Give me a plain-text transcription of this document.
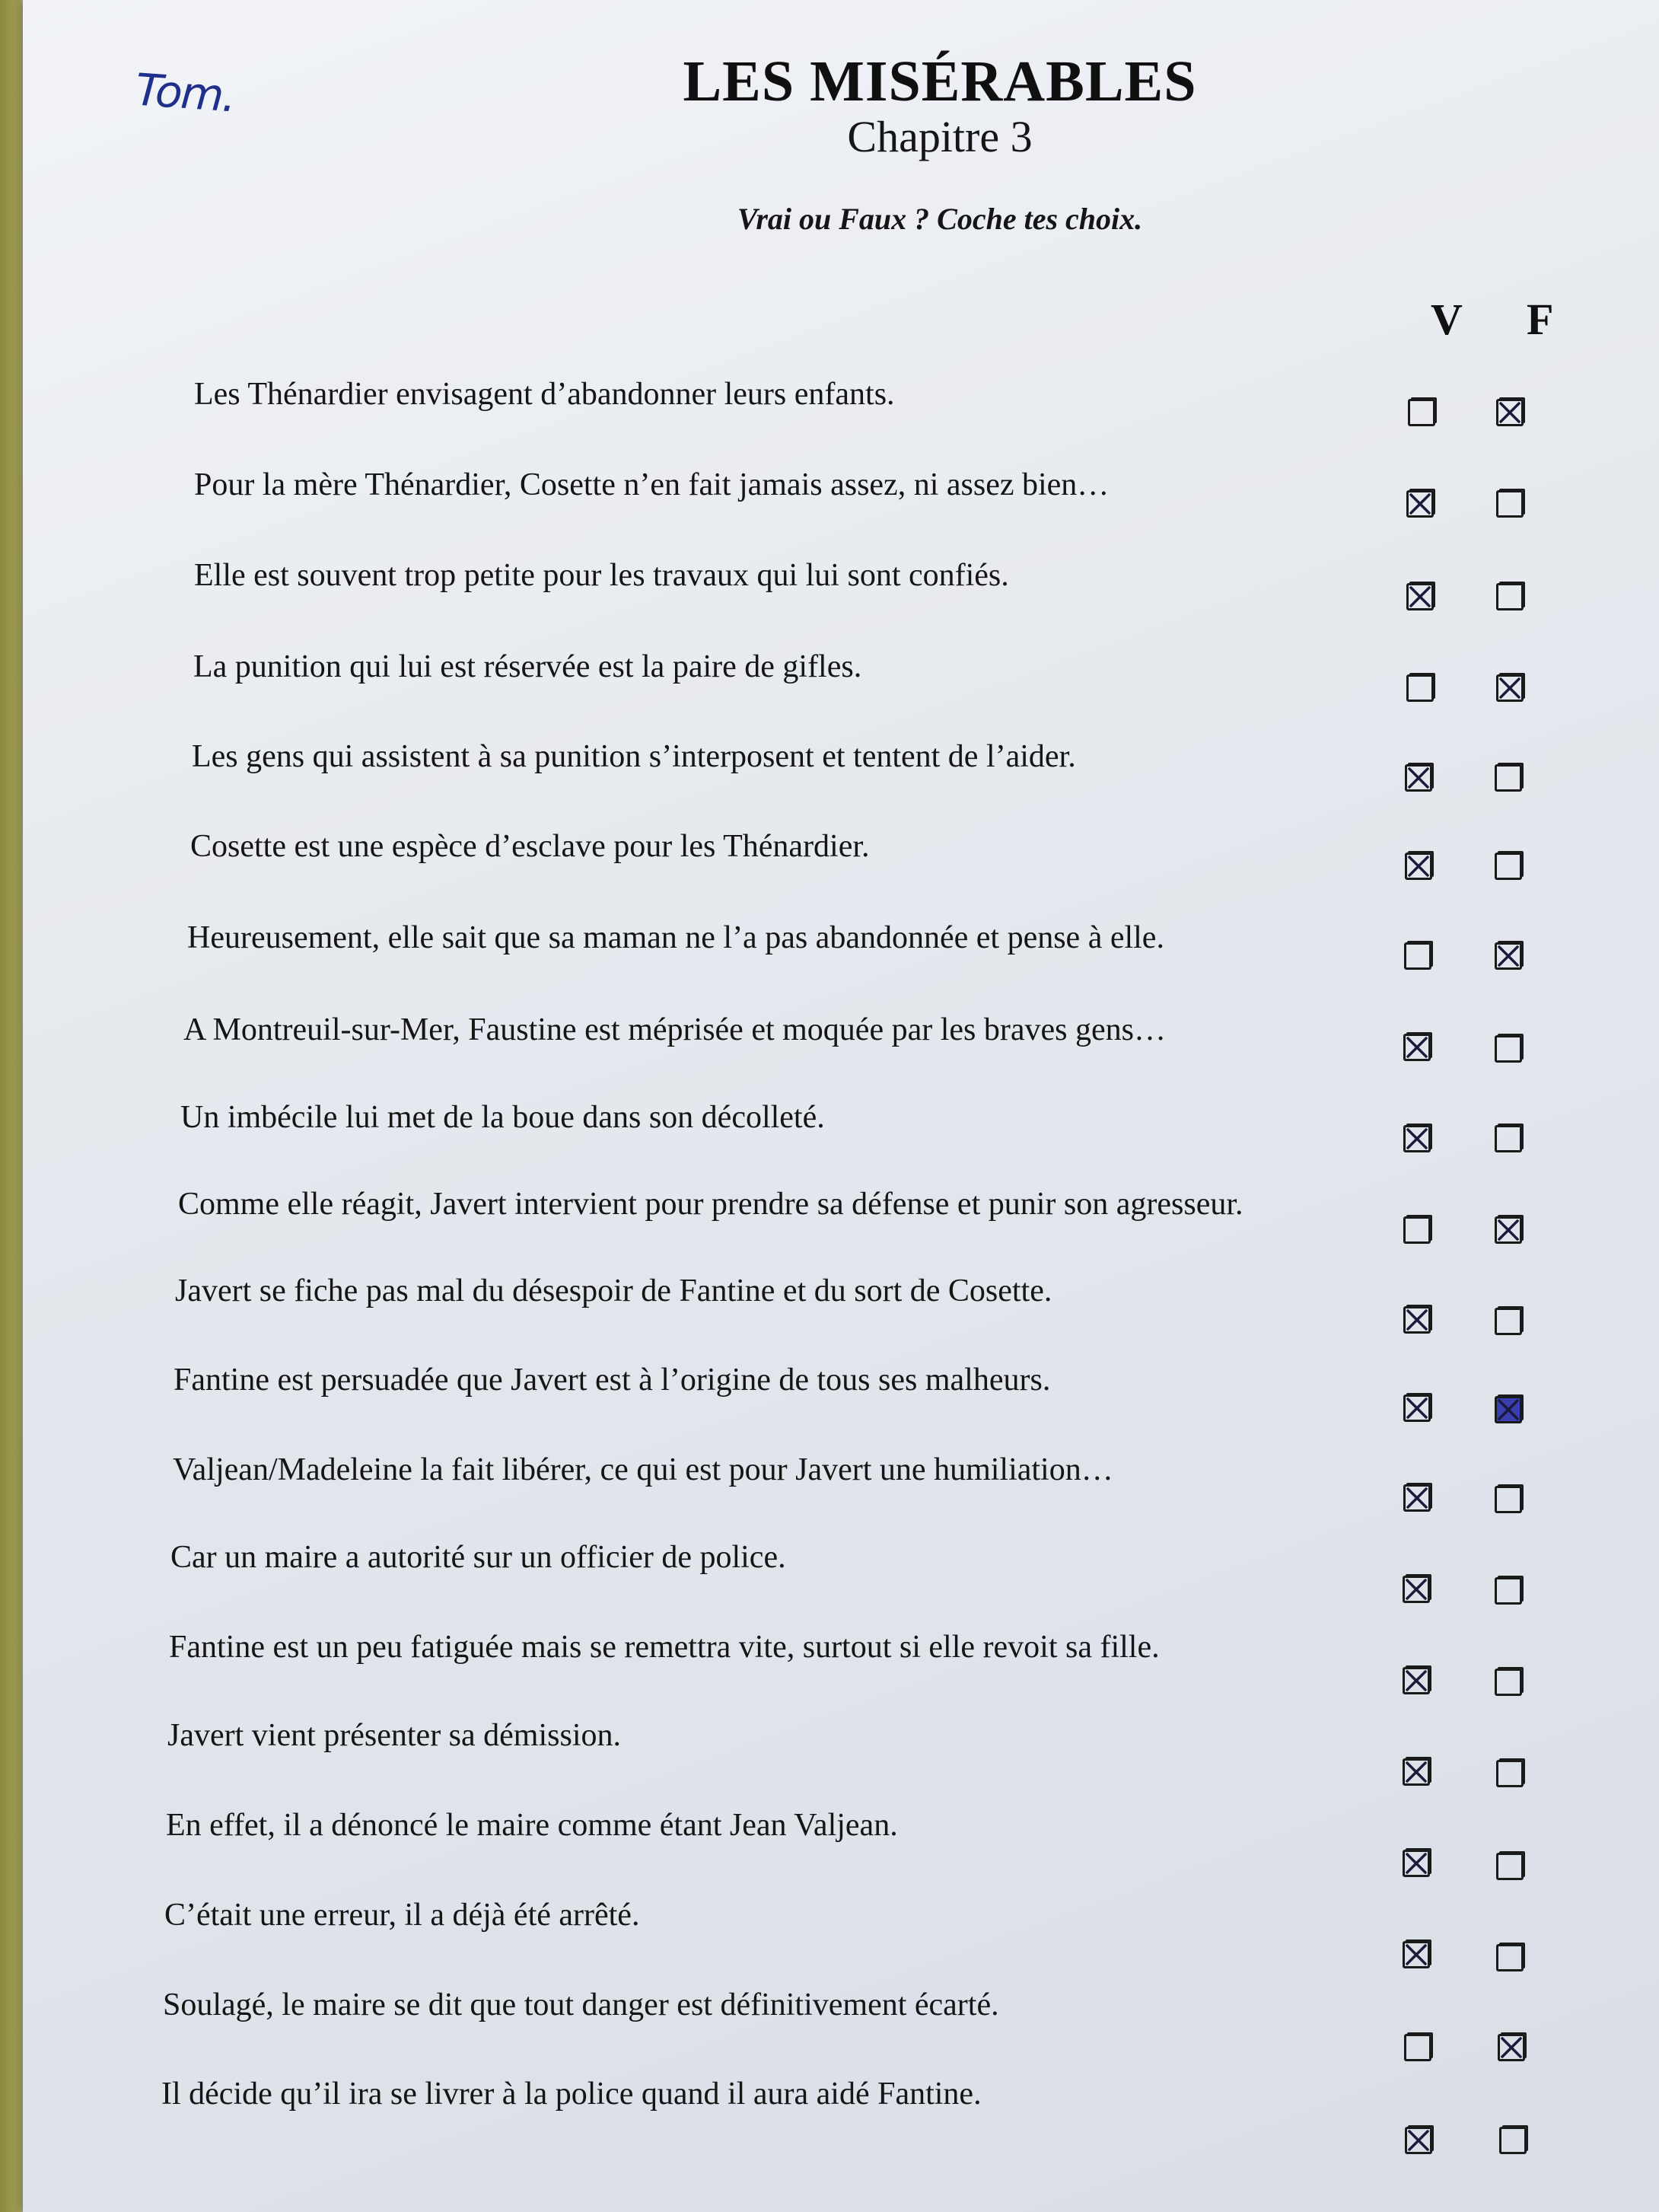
Tom.	LES MISÉRABLES
Chapitre 3
Vrai ou Faux ? Coche tes choix.
V F
Les Thénardier envisagent d’abandonner leurs enfants.
Pour la mère Thénardier, Cosette n’en fait jamais assez, ni assez bien…
Elle est souvent trop petite pour les travaux qui lui sont confiés.
La punition qui lui est réservée est la paire de gifles.
Les gens qui assistent à sa punition s’interposent et tentent de l’aider.
Cosette est une espèce d’esclave pour les Thénardier.
Heureusement, elle sait que sa maman ne l’a pas abandonnée et pense à elle.
A Montreuil-sur-Mer, Faustine est méprisée et moquée par les braves gens…
Un imbécile lui met de la boue dans son décolleté.
Comme elle réagit, Javert intervient pour prendre sa défense et punir son agresseur.
Javert se fiche pas mal du désespoir de Fantine et du sort de Cosette.
Fantine est persuadée que Javert est à l’origine de tous ses malheurs.
Valjean/Madeleine la fait libérer, ce qui est pour Javert une humiliation…
Car un maire a autorité sur un officier de police.
Fantine est un peu fatiguée mais se remettra vite, surtout si elle revoit sa fille.
Javert vient présenter sa démission.
En effet, il a dénoncé le maire comme étant Jean Valjean.
C’était une erreur, il a déjà été arrêté.
Soulagé, le maire se dit que tout danger est définitivement écarté.
Il décide qu’il ira se livrer à la police quand il aura aidé Fantine.
